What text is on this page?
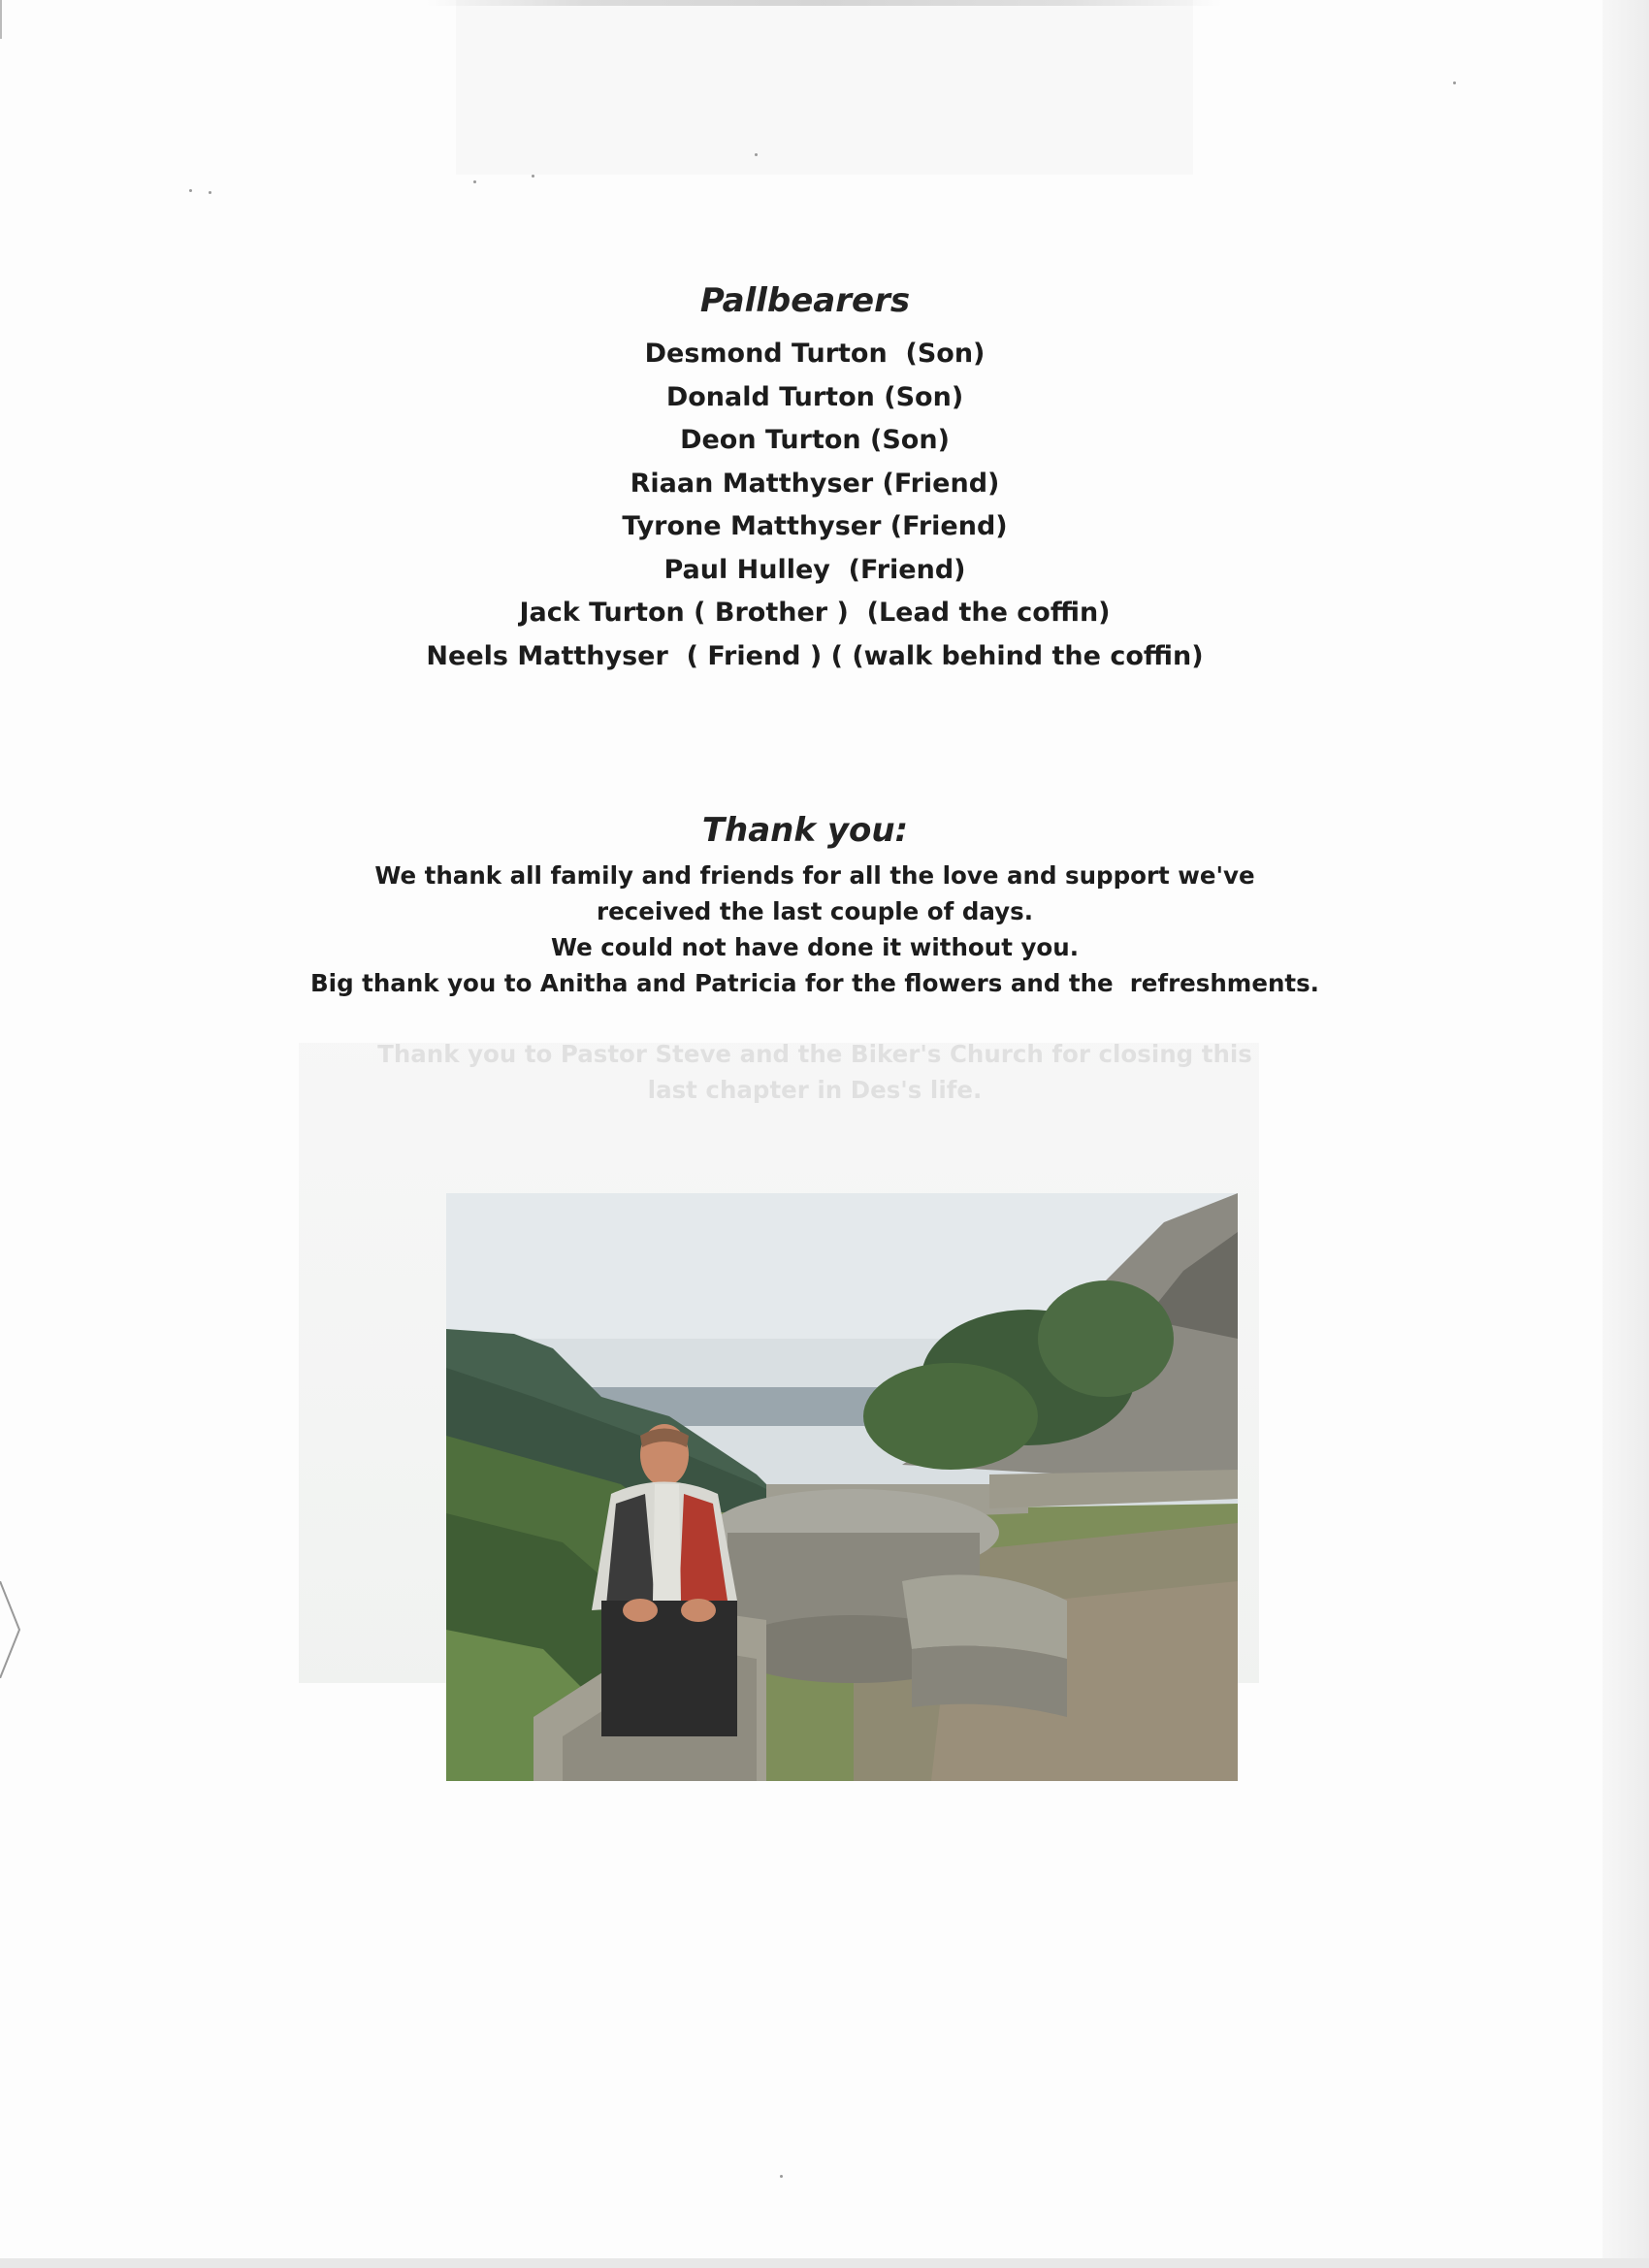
Pallbearers
Desmond Turton  (Son)
Donald Turton (Son)
Deon Turton (Son)
Riaan Matthyser (Friend)
Tyrone Matthyser (Friend)
Paul Hulley  (Friend)
Jack Turton ( Brother )  (Lead the coffin)
Neels Matthyser  ( Friend ) ( (walk behind the coffin)
Thank you:
We thank all family and friends for all the love and support we've
received the last couple of days.
We could not have done it without you.
Big thank you to Anitha and Patricia for the flowers and the  refreshments.
